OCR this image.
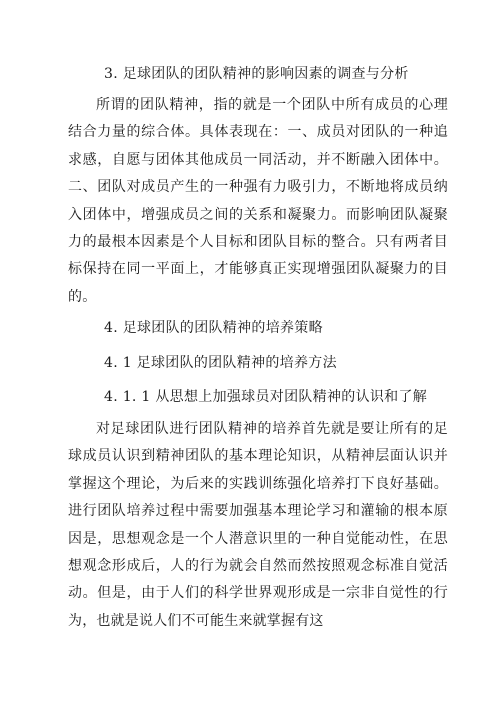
3. 足球团队的团队精神的影响因素的调查与分析
所谓的团队精神，指的就是一个团队中所有成员的心理结合力量的综合体。具体表现在：一、成员对团队的一种追求感，自愿与团体其他成员一同活动，并不断融入团体中。二、团队对成员产生的一种强有力吸引力，不断地将成员纳入团体中，增强成员之间的关系和凝聚力。而影响团队凝聚力的最根本因素是个人目标和团队目标的整合。只有两者目标保持在同一平面上，才能够真正实现增强团队凝聚力的目的。
4. 足球团队的团队精神的培养策略
4. 1 足球团队的团队精神的培养方法
4. 1. 1 从思想上加强球员对团队精神的认识和了解
对足球团队进行团队精神的培养首先就是要让所有的足球成员认识到精神团队的基本理论知识，从精神层面认识并掌握这个理论，为后来的实践训练强化培养打下良好基础。进行团队培养过程中需要加强基本理论学习和灌输的根本原因是，思想观念是一个人潜意识里的一种自觉能动性，在思想观念形成后，人的行为就会自然而然按照观念标准自觉活动。但是，由于人们的科学世界观形成是一宗非自觉性的行为，也就是说人们不可能生来就掌握有这
